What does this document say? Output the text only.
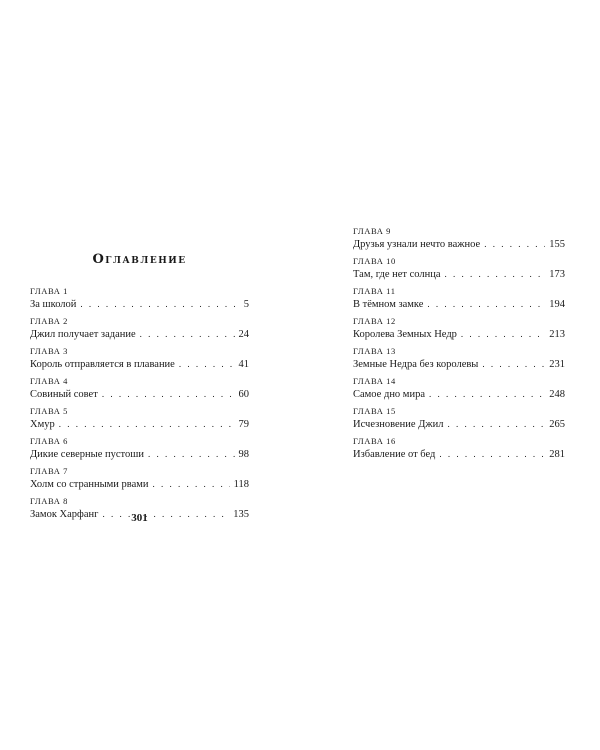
Оглавление
ГЛАВА 1
За школой . . .	5
ГЛАВА 2
Джил получает задание . . .	24
ГЛАВА 3
Король отправляется в плавание . . .	41
ГЛАВА 4
Совиный совет . . .	60
ГЛАВА 5
Хмур . . .	79
ГЛАВА 6
Дикие северные пустоши . . .	98
ГЛАВА 7
Холм со странными рвами . . .	118
ГЛАВА 8
Замок Харфанг . . .	135
301
ГЛАВА 9
Друзья узнали нечто важное . . .	155
ГЛАВА 10
Там, где нет солнца . . .	173
ГЛАВА 11
В тёмном замке . . .	194
ГЛАВА 12
Королева Земных Недр . . .	213
ГЛАВА 13
Земные Недра без королевы . . .	231
ГЛАВА 14
Самое дно мира . . .	248
ГЛАВА 15
Исчезновение Джил . . .	265
ГЛАВА 16
Избавление от бед . . .	281
